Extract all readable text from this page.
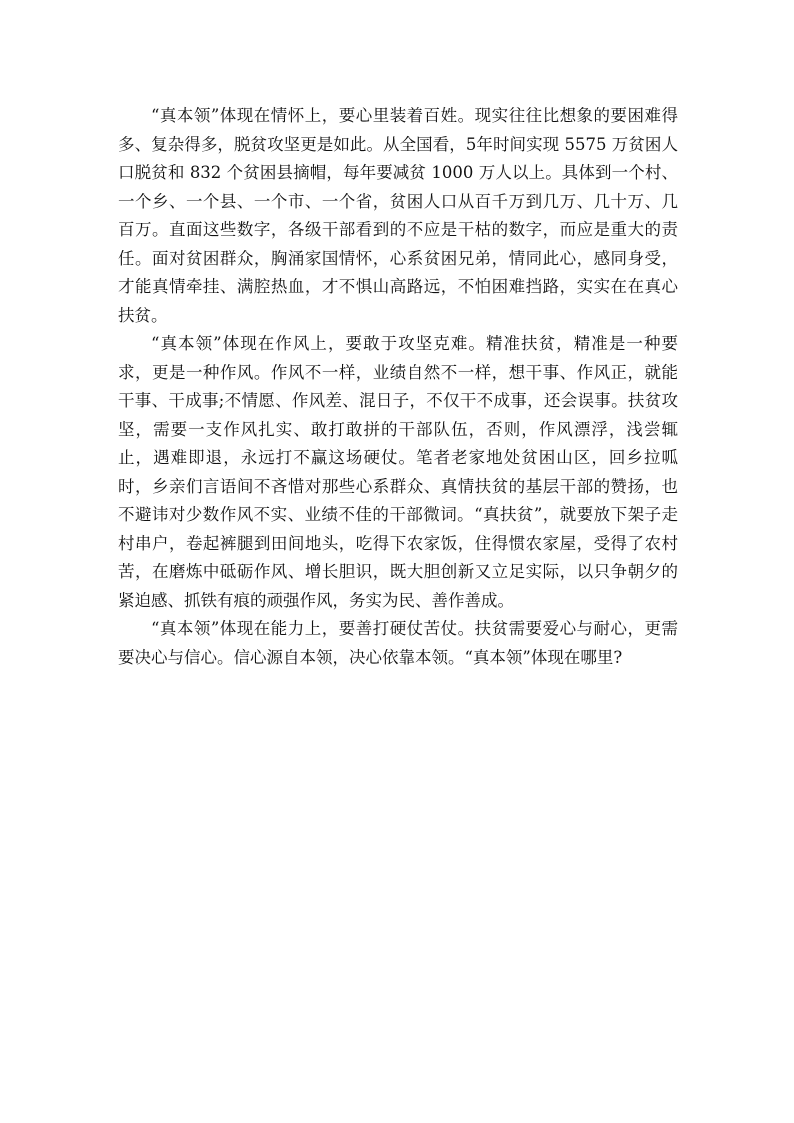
“真本领”体现在情怀上，要心里装着百姓。现实往往比想象的要困难得多、复杂得多，脱贫攻坚更是如此。从全国看，5年时间实现 5575 万贫困人口脱贫和 832 个贫困县摘帽，每年要减贫 1000 万人以上。具体到一个村、一个乡、一个县、一个市、一个省，贫困人口从百千万到几万、几十万、几百万。直面这些数字，各级干部看到的不应是干枯的数字，而应是重大的责任。面对贫困群众，胸涌家国情怀，心系贫困兄弟，情同此心，感同身受，才能真情牵挂、满腔热血，才不惧山高路远，不怕困难挡路，实实在在真心扶贫。

“真本领”体现在作风上，要敢于攻坚克难。精准扶贫，精准是一种要求，更是一种作风。作风不一样，业绩自然不一样，想干事、作风正，就能干事、干成事;不情愿、作风差、混日子，不仅干不成事，还会误事。扶贫攻坚，需要一支作风扎实、敢打敢拼的干部队伍，否则，作风漂浮，浅尝辄止，遇难即退，永远打不赢这场硬仗。笔者老家地处贫困山区，回乡拉呱时，乡亲们言语间不吝惜对那些心系群众、真情扶贫的基层干部的赞扬，也不避讳对少数作风不实、业绩不佳的干部微词。“真扶贫”，就要放下架子走村串户，卷起裤腿到田间地头，吃得下农家饭，住得惯农家屋，受得了农村苦，在磨炼中砥砺作风、增长胆识，既大胆创新又立足实际，以只争朝夕的紧迫感、抓铁有痕的顽强作风，务实为民、善作善成。

“真本领”体现在能力上，要善打硬仗苦仗。扶贫需要爱心与耐心，更需要决心与信心。信心源自本领，决心依靠本领。“真本领”体现在哪里?
